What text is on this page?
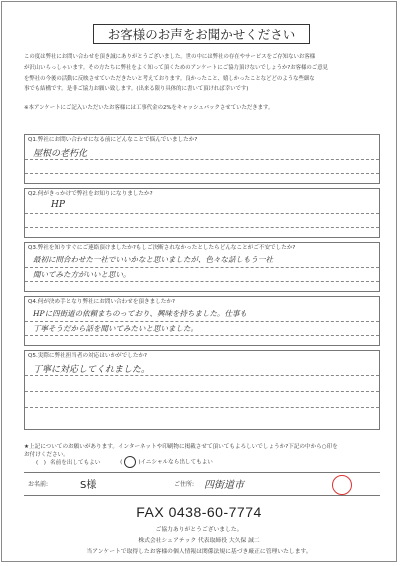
お客様のお声をお聞かせください
この度は弊社にお問い合わせを頂き誠にありがとうございました。世の中には弊社の存在やサービスをご存知ないお客様
が沢山いらっしゃいます。その方たちに弊社をよく知って頂くためのアンケートにご協力頂けないでしょうか?お客様のご意見
を弊社の今後の活動に反映させていただきたいと考えております。良かったこと、嬉しかったことなどどのような些細な
事でも結構です。是非ご協力お願い致します。(出来る限り具体的に書いて頂ければ幸いです)
※本アンケートにご記入いただいたお客様には工事代金の2%をキャッシュバックさせていただきます。
Q1.弊社にお問い合わせになる前にどんなことで悩んでいましたか?
屋根の老朽化
Q2.何がきっかけで弊社をお知りになりましたか?
HP
Q3.弊社を知りすぐにご連絡頂けましたか?もしご決断されなかったとしたらどんなことがご不安でしたか?
最初に問合わせた一社でいいかなと思いましたが、色々な話しもう一社
聞いてみた方がいいと思い。
Q4.何が決め手となり弊社にお問い合わせを頂きましたか?
HPに四街道の依頼まちのっており、興味を持ちました。仕事も
丁寧そうだから話を聞いてみたいと思いました。
Q5.実際に弊社担当者の対応はいかがでしたか?
丁寧に対応してくれました。
★上記についてのお願いがあります。インターネットや印刷物に掲載させて頂いてもよろしいでしょうか?下記の中から○印を
お付けください。
(　) 名前を出してもよい	(	)イニシャルなら出してもよい
お名前:	S様	ご住所: 四街道市
FAX 0438-60-7774
ご協力ありがとうございました。
株式会社シェアテック 代表取締役 大久保 誠二
当アンケートで取得したお客様の個人情報は関係法規に基づき厳正に管理いたします。
